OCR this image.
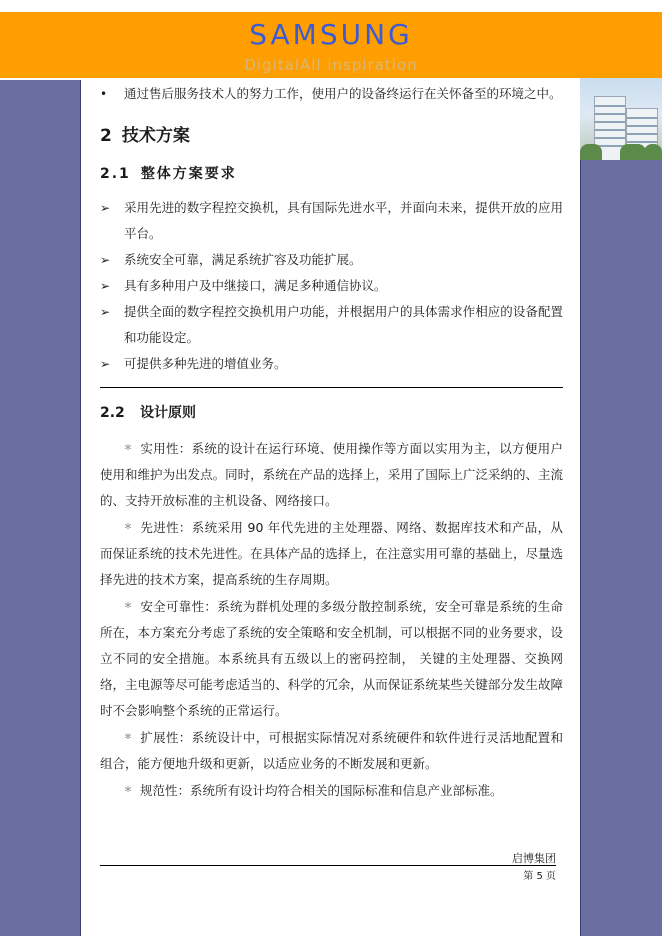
SAMSUNG
DigitalAll inspiration
•	通过售后服务技术人的努力工作，使用户的设备终运行在关怀备至的环境之中。
2 技术方案
2.1 整体方案要求
➢	采用先进的数字程控交换机，具有国际先进水平，并面向未来，提供开放的应用平台。
➢	系统安全可靠，满足系统扩容及功能扩展。
➢	具有多种用户及中继接口，满足多种通信协议。
➢	提供全面的数字程控交换机用户功能，并根据用户的具体需求作相应的设备配置和功能设定。
➢	可提供多种先进的增值业务。
2.2 设计原则

＊ 实用性：系统的设计在运行环境、使用操作等方面以实用为主，以方便用户使用和维护为出发点。同时，系统在产品的选择上，采用了国际上广泛采纳的、主流的、支持开放标准的主机设备、网络接口。

＊ 先进性：系统采用 90 年代先进的主处理器、网络、数据库技术和产品，从而保证系统的技术先进性。在具体产品的选择上，在注意实用可靠的基础上，尽量选择先进的技术方案，提高系统的生存周期。

＊ 安全可靠性：系统为群机处理的多级分散控制系统，安全可靠是系统的生命所在，本方案充分考虑了系统的安全策略和安全机制，可以根据不同的业务要求，设立不同的安全措施。本系统具有五级以上的密码控制， 关键的主处理器、交换网络，主电源等尽可能考虑适当的、科学的冗余，从而保证系统某些关键部分发生故障时不会影响整个系统的正常运行。

＊ 扩展性：系统设计中，可根据实际情况对系统硬件和软件进行灵活地配置和组合，能方便地升级和更新，以适应业务的不断发展和更新。

＊ 规范性：系统所有设计均符合相关的国际标准和信息产业部标准。

启博集团
第 5 页
